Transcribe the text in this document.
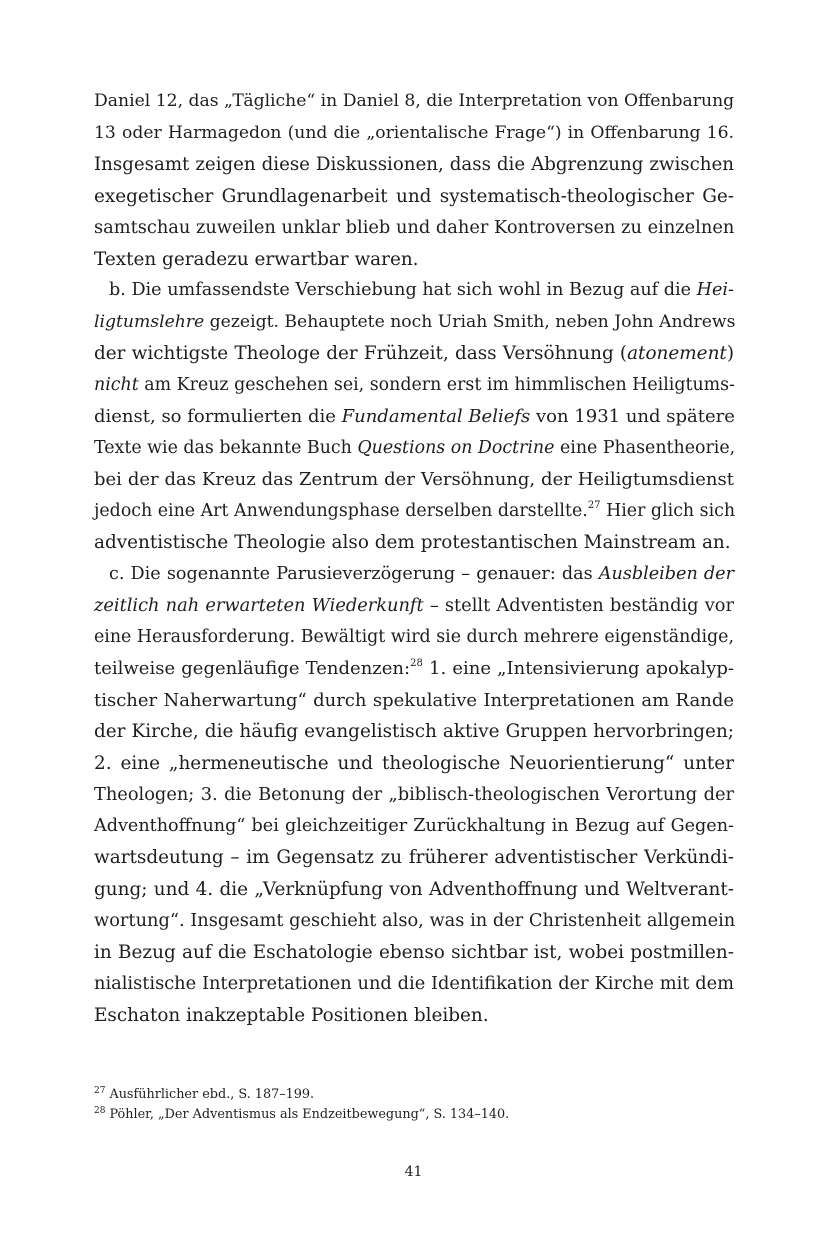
Daniel 12, das „Tägliche“ in Daniel 8, die Interpretation von Offenbarung
13 oder Harmagedon (und die „orientalische Frage“) in Offenbarung 16.
Insgesamt zeigen diese Diskussionen, dass die Abgrenzung zwischen
exegetischer Grundlagenarbeit und systematisch-theologischer Ge-
samtschau zuweilen unklar blieb und daher Kontroversen zu einzelnen
Texten geradezu erwartbar waren.
b. Die umfassendste Verschiebung hat sich wohl in Bezug auf die Hei-
ligtumslehre gezeigt. Behauptete noch Uriah Smith, neben John Andrews
der wichtigste Theologe der Frühzeit, dass Versöhnung (atonement)
nicht am Kreuz geschehen sei, sondern erst im himmlischen Heiligtums-
dienst, so formulierten die Fundamental Beliefs von 1931 und spätere
Texte wie das bekannte Buch Questions on Doctrine eine Phasentheorie,
bei der das Kreuz das Zentrum der Versöhnung, der Heiligtumsdienst
jedoch eine Art Anwendungsphase derselben darstellte.$^{27}$ Hier glich sich
adventistische Theologie also dem protestantischen Mainstream an.
c. Die sogenannte Parusieverzögerung – genauer: das Ausbleiben der
zeitlich nah erwarteten Wiederkunft – stellt Adventisten beständig vor
eine Herausforderung. Bewältigt wird sie durch mehrere eigenständige,
teilweise gegenläufige Tendenzen:$^{28}$ 1. eine „Intensivierung apokalyp-
tischer Naherwartung“ durch spekulative Interpretationen am Rande
der Kirche, die häufig evangelistisch aktive Gruppen hervorbringen;
2. eine „hermeneutische und theologische Neuorientierung“ unter
Theologen; 3. die Betonung der „biblisch-theologischen Verortung der
Adventhoffnung“ bei gleichzeitiger Zurückhaltung in Bezug auf Gegen-
wartsdeutung – im Gegensatz zu früherer adventistischer Verkündi-
gung; und 4. die „Verknüpfung von Adventhoffnung und Weltverant-
wortung“. Insgesamt geschieht also, was in der Christenheit allgemein
in Bezug auf die Eschatologie ebenso sichtbar ist, wobei postmillen-
nialistische Interpretationen und die Identifikation der Kirche mit dem
Eschaton inakzeptable Positionen bleiben.
$^{27}$ Ausführlicher ebd., S. 187–199.
$^{28}$ Pöhler, „Der Adventismus als Endzeitbewegung“, S. 134–140.
41
